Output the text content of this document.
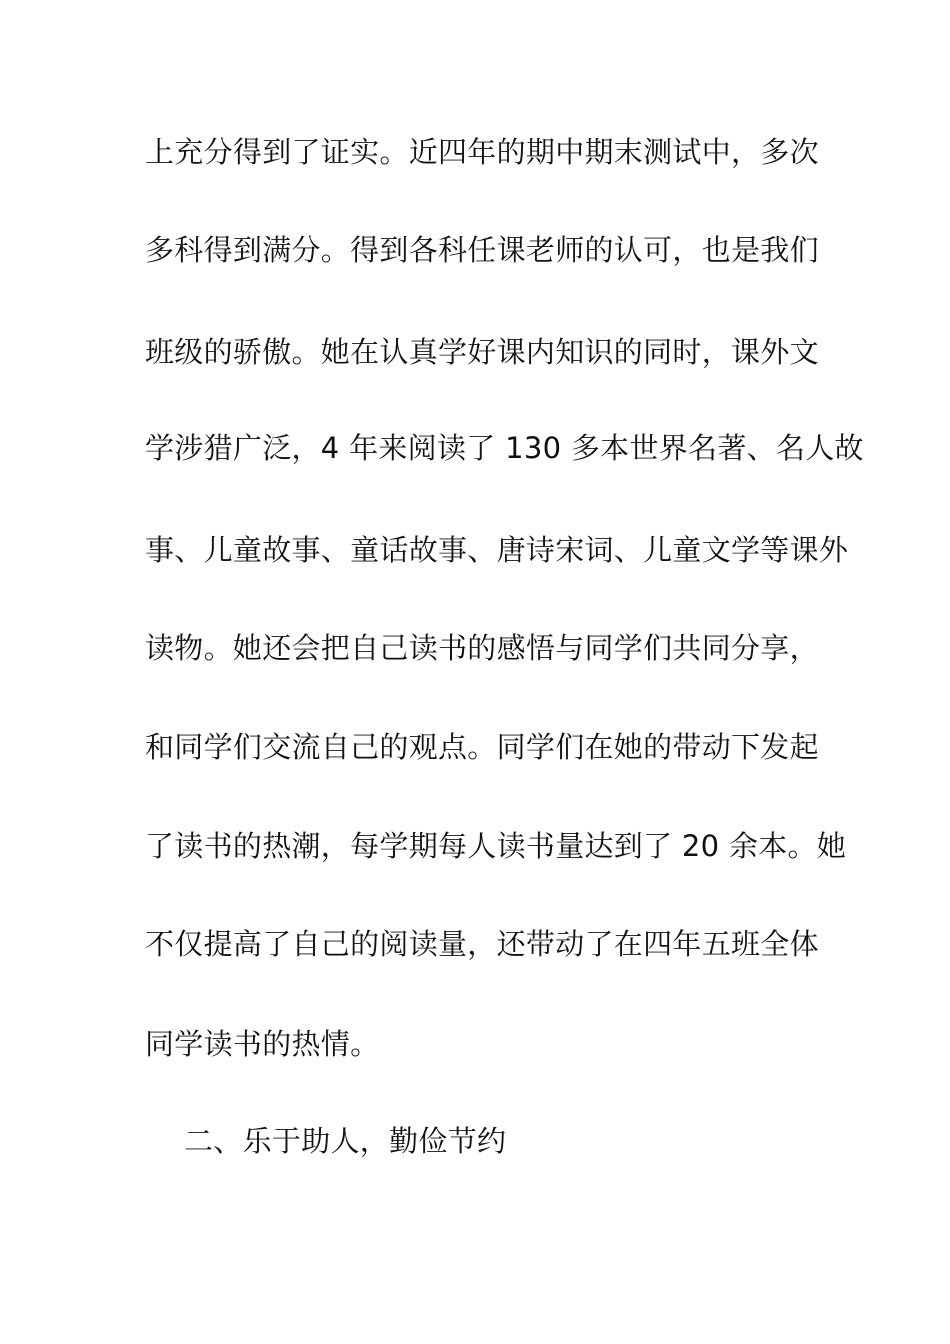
上充分得到了证实。近四年的期中期末测试中，多次
多科得到满分。得到各科任课老师的认可，也是我们
班级的骄傲。她在认真学好课内知识的同时，课外文
学涉猎广泛，4 年来阅读了 130 多本世界名著、名人故
事、儿童故事、童话故事、唐诗宋词、儿童文学等课外
读物。她还会把自己读书的感悟与同学们共同分享，
和同学们交流自己的观点。同学们在她的带动下发起
了读书的热潮，每学期每人读书量达到了 20 余本。她
不仅提高了自己的阅读量，还带动了在四年五班全体
同学读书的热情。
二、乐于助人，勤俭节约
